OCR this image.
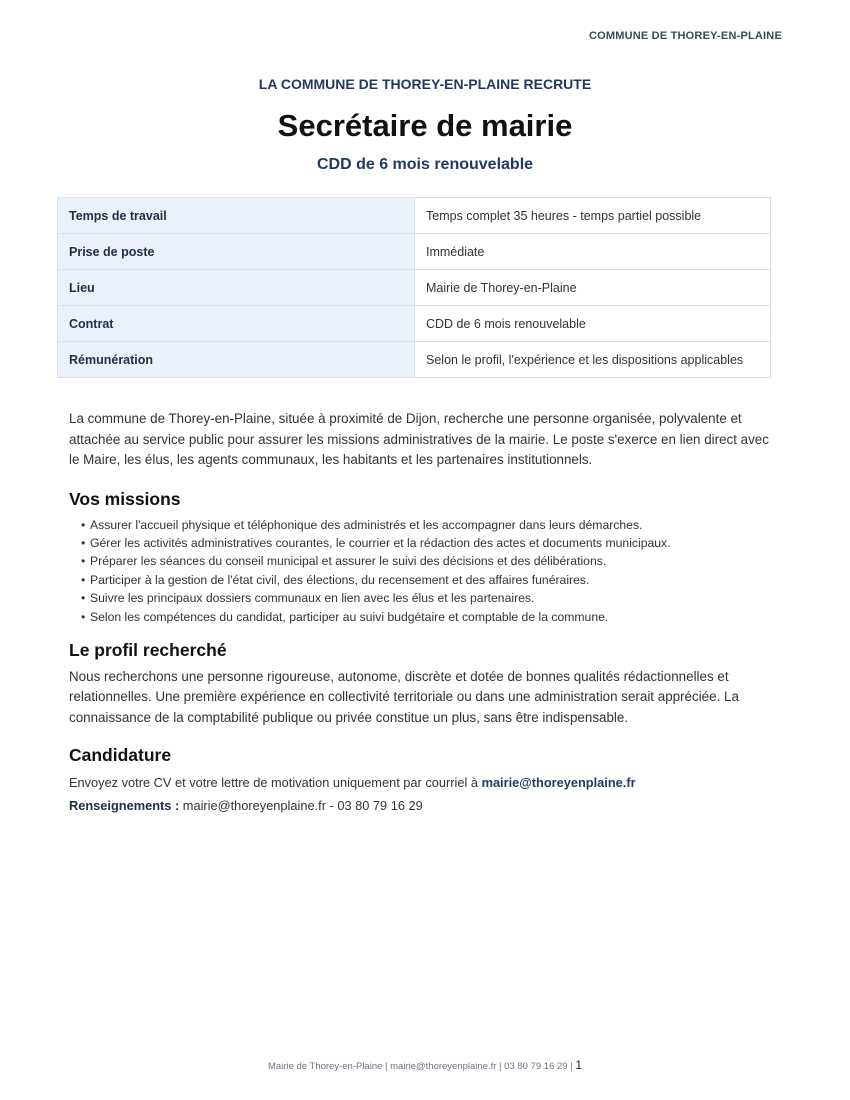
COMMUNE DE THOREY-EN-PLAINE
LA COMMUNE DE THOREY-EN-PLAINE RECRUTE
Secrétaire de mairie
CDD de 6 mois renouvelable
Temps de travail	Temps complet 35 heures - temps partiel possible
Prise de poste	Immédiate
Lieu	Mairie de Thorey-en-Plaine
Contrat	CDD de 6 mois renouvelable
Rémunération	Selon le profil, l'expérience et les dispositions applicables

La commune de Thorey-en-Plaine, située à proximité de Dijon, recherche une personne organisée, polyvalente et attachée au service public pour assurer les missions administratives de la mairie. Le poste s'exerce en lien direct avec le Maire, les élus, les agents communaux, les habitants et les partenaires institutionnels.

Vos missions
• Assurer l'accueil physique et téléphonique des administrés et les accompagner dans leurs démarches.
• Gérer les activités administratives courantes, le courrier et la rédaction des actes et documents municipaux.
• Préparer les séances du conseil municipal et assurer le suivi des décisions et des délibérations.
• Participer à la gestion de l'état civil, des élections, du recensement et des affaires funéraires.
• Suivre les principaux dossiers communaux en lien avec les élus et les partenaires.
• Selon les compétences du candidat, participer au suivi budgétaire et comptable de la commune.
Le profil recherché

Nous recherchons une personne rigoureuse, autonome, discrète et dotée de bonnes qualités rédactionnelles et relationnelles. Une première expérience en collectivité territoriale ou dans une administration serait appréciée. La connaissance de la comptabilité publique ou privée constitue un plus, sans être indispensable.

Candidature

Envoyez votre CV et votre lettre de motivation uniquement par courriel à mairie@thoreyenplaine.fr

Renseignements : mairie@thoreyenplaine.fr - 03 80 79 16 29

Mairie de Thorey-en-Plaine | mairie@thoreyenplaine.fr | 03 80 79 16 29 | 1
